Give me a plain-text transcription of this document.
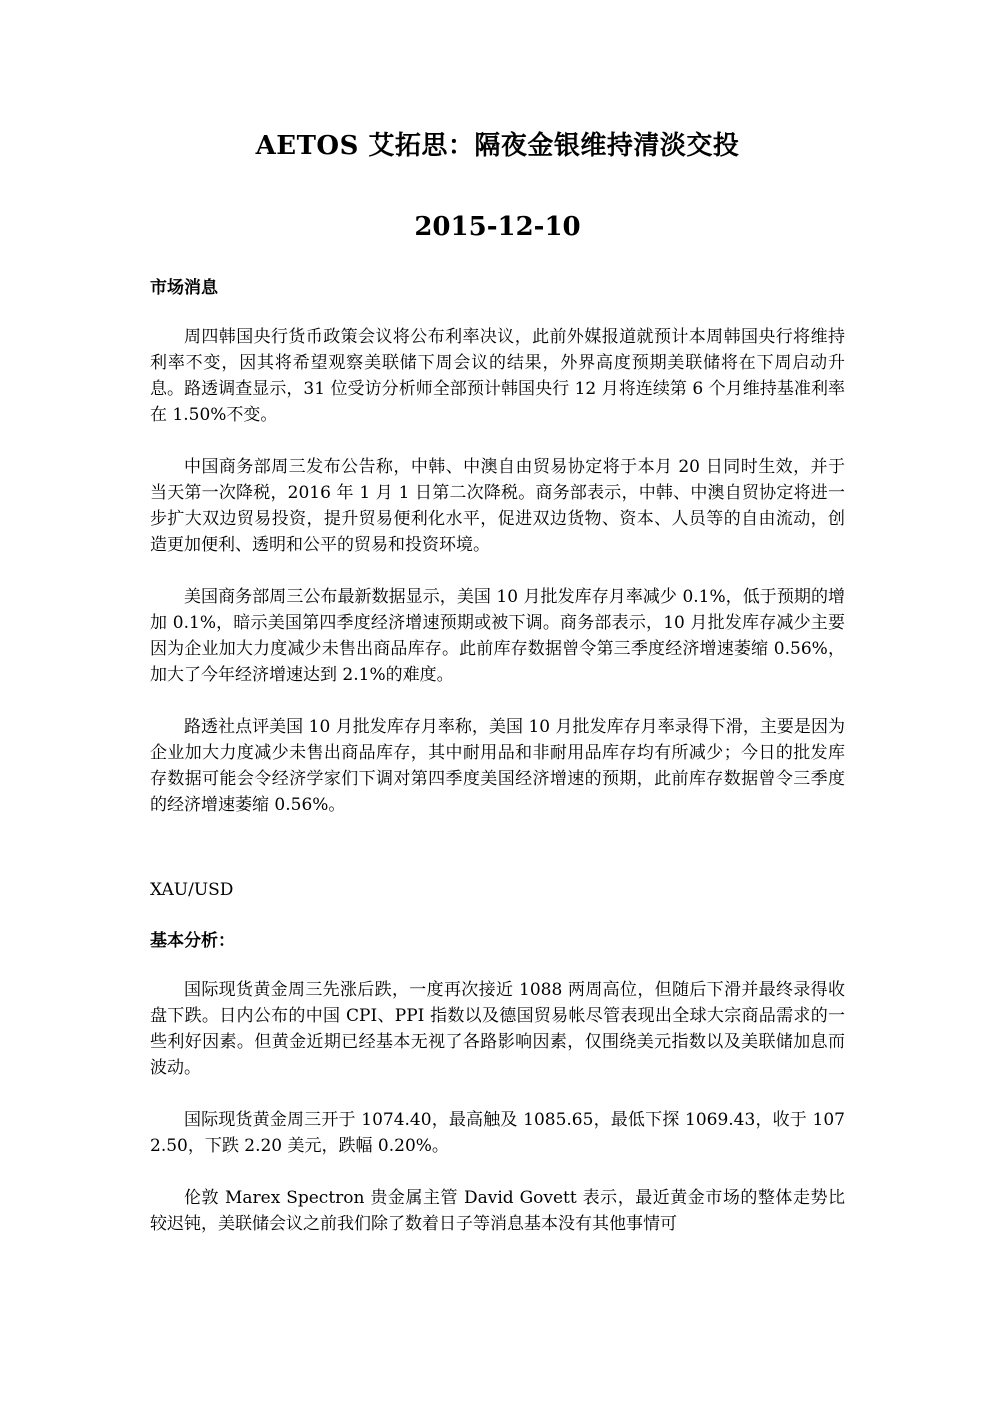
AETOS 艾拓思：隔夜金银维持清淡交投
2015-12-10

市场消息

周四韩国央行货币政策会议将公布利率决议，此前外媒报道就预计本周韩国央行将维持利率不变，因其将希望观察美联储下周会议的结果，外界高度预期美联储将在下周启动升息。路透调查显示，31 位受访分析师全部预计韩国央行 12 月将连续第 6 个月维持基准利率在 1.50%不变。

中国商务部周三发布公告称，中韩、中澳自由贸易协定将于本月 20 日同时生效，并于当天第一次降税，2016 年 1 月 1 日第二次降税。商务部表示，中韩、中澳自贸协定将进一步扩大双边贸易投资，提升贸易便利化水平，促进双边货物、资本、人员等的自由流动，创造更加便利、透明和公平的贸易和投资环境。

美国商务部周三公布最新数据显示，美国 10 月批发库存月率减少 0.1%，低于预期的增加 0.1%，暗示美国第四季度经济增速预期或被下调。商务部表示，10 月批发库存减少主要因为企业加大力度减少未售出商品库存。此前库存数据曾令第三季度经济增速萎缩 0.56%，加大了今年经济增速达到 2.1%的难度。

路透社点评美国 10 月批发库存月率称，美国 10 月批发库存月率录得下滑，主要是因为企业加大力度减少未售出商品库存，其中耐用品和非耐用品库存均有所减少；今日的批发库存数据可能会令经济学家们下调对第四季度美国经济增速的预期，此前库存数据曾令三季度的经济增速萎缩 0.56%。

XAU/USD

基本分析：

国际现货黄金周三先涨后跌，一度再次接近 1088 两周高位，但随后下滑并最终录得收盘下跌。日内公布的中国 CPI、PPI 指数以及德国贸易帐尽管表现出全球大宗商品需求的一些利好因素。但黄金近期已经基本无视了各路影响因素，仅围绕美元指数以及美联储加息而波动。

国际现货黄金周三开于 1074.40，最高触及 1085.65，最低下探 1069.43，收于 1072.50，下跌 2.20 美元，跌幅 0.20%。

伦敦 Marex Spectron 贵金属主管 David Govett 表示，最近黄金市场的整体走势比较迟钝，美联储会议之前我们除了数着日子等消息基本没有其他事情可
